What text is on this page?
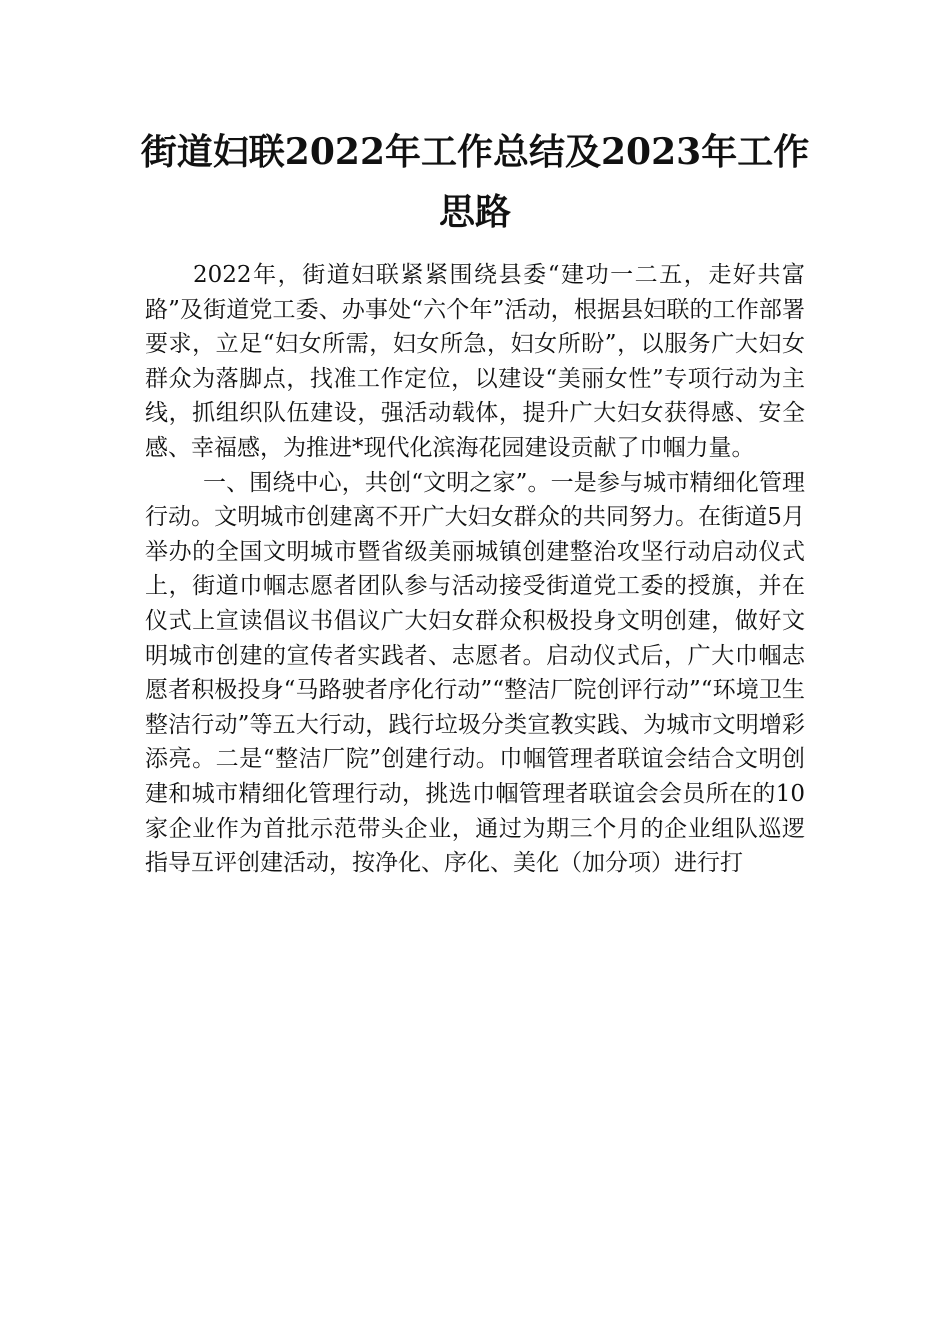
街道妇联2022年工作总结及2023年工作思路

2022年，街道妇联紧紧围绕县委“建功一二五，走好共富路”及街道党工委、办事处“六个年”活动，根据县妇联的工作部署要求，立足“妇女所需，妇女所急，妇女所盼”，以服务广大妇女群众为落脚点，找准工作定位，以建设“美丽女性”专项行动为主线，抓组织队伍建设，强活动载体，提升广大妇女获得感、安全感、幸福感，为推进*现代化滨海花园建设贡献了巾帼力量。

一、围绕中心，共创“文明之家”。一是参与城市精细化管理行动。文明城市创建离不开广大妇女群众的共同努力。在街道5月举办的全国文明城市暨省级美丽城镇创建整治攻坚行动启动仪式上，街道巾帼志愿者团队参与活动接受街道党工委的授旗，并在仪式上宣读倡议书倡议广大妇女群众积极投身文明创建，做好文明城市创建的宣传者实践者、志愿者。启动仪式后，广大巾帼志愿者积极投身“马路驶者序化行动”“整洁厂院创评行动”“环境卫生整洁行动”等五大行动，践行垃圾分类宣教实践、为城市文明增彩添亮。二是“整洁厂院”创建行动。巾帼管理者联谊会结合文明创建和城市精细化管理行动，挑选巾帼管理者联谊会会员所在的10家企业作为首批示范带头企业，通过为期三个月的企业组队巡逻指导互评创建活动，按净化、序化、美化（加分项）进行打
